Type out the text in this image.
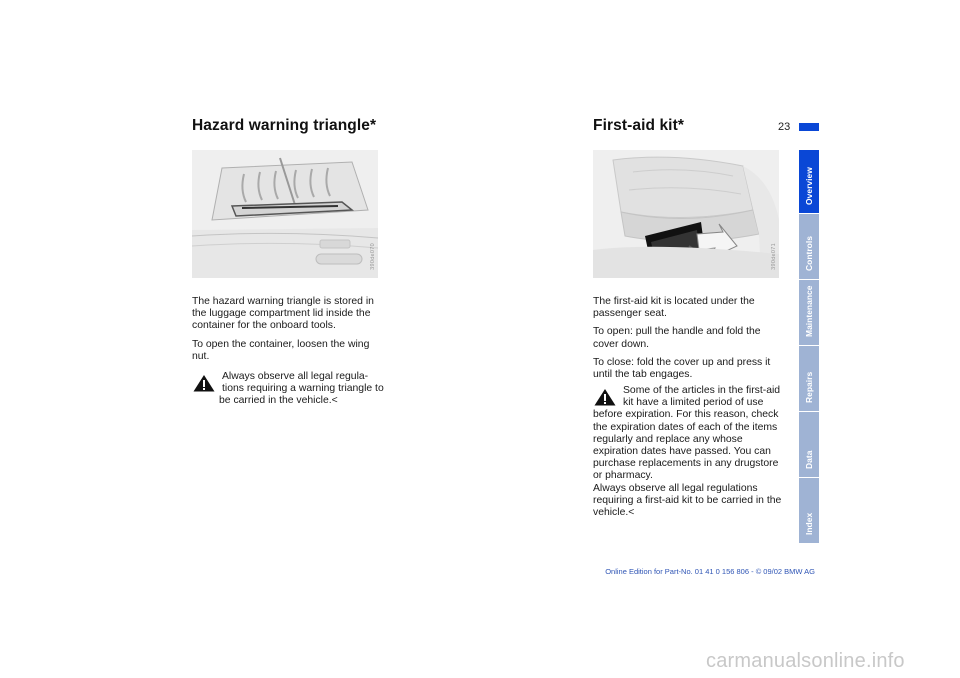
23
Hazard warning triangle*
390de070

The hazard warning triangle is stored in the luggage compartment lid inside the container for the onboard tools.

To open the container, loosen the wing nut.

Always observe all legal regula-tions requiring a warning triangle to be carried in the vehicle.<
First-aid kit*
390de071

The first-aid kit is located under the passenger seat.

To open: pull the handle and fold the cover down.

To close: fold the cover up and press it until the tab engages.

Some of the articles in the first-aid kit have a limited period of use before expiration. For this reason, check the expiration dates of each of the items regularly and replace any whose expiration dates have passed. You can purchase replacements in any drugstore or pharmacy.
Always observe all legal regulations requiring a first-aid kit to be carried in the vehicle.<
Overview
Controls
Maintenance
Repairs
Data
Index
Online Edition for Part-No. 01 41 0 156 806 - © 09/02 BMW AG
carmanualsonline.info
